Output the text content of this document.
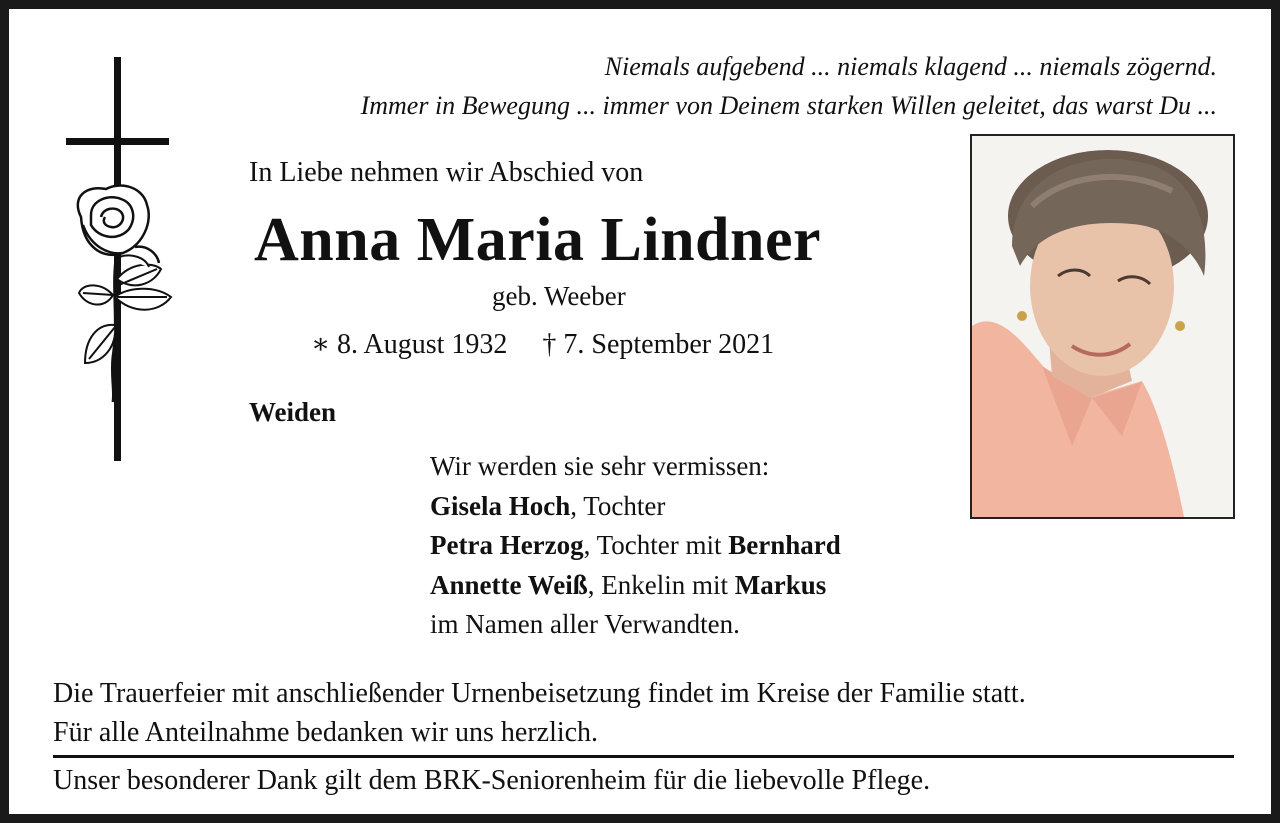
Niemals aufgebend ... niemals klagend ... niemals zögernd.
Immer in Bewegung ... immer von Deinem starken Willen geleitet, das warst Du ...
In Liebe nehmen wir Abschied von
Anna Maria Lindner
geb. Weeber
∗ 8. August 1932 † 7. September 2021
Weiden
Wir werden sie sehr vermissen:
Gisela Hoch, Tochter
Petra Herzog, Tochter mit Bernhard
Annette Weiß, Enkelin mit Markus
im Namen aller Verwandten.
Die Trauerfeier mit anschließender Urnenbeisetzung findet im Kreise der Familie statt.
Für alle Anteilnahme bedanken wir uns herzlich.
Unser besonderer Dank gilt dem BRK-Seniorenheim für die liebevolle Pflege.
